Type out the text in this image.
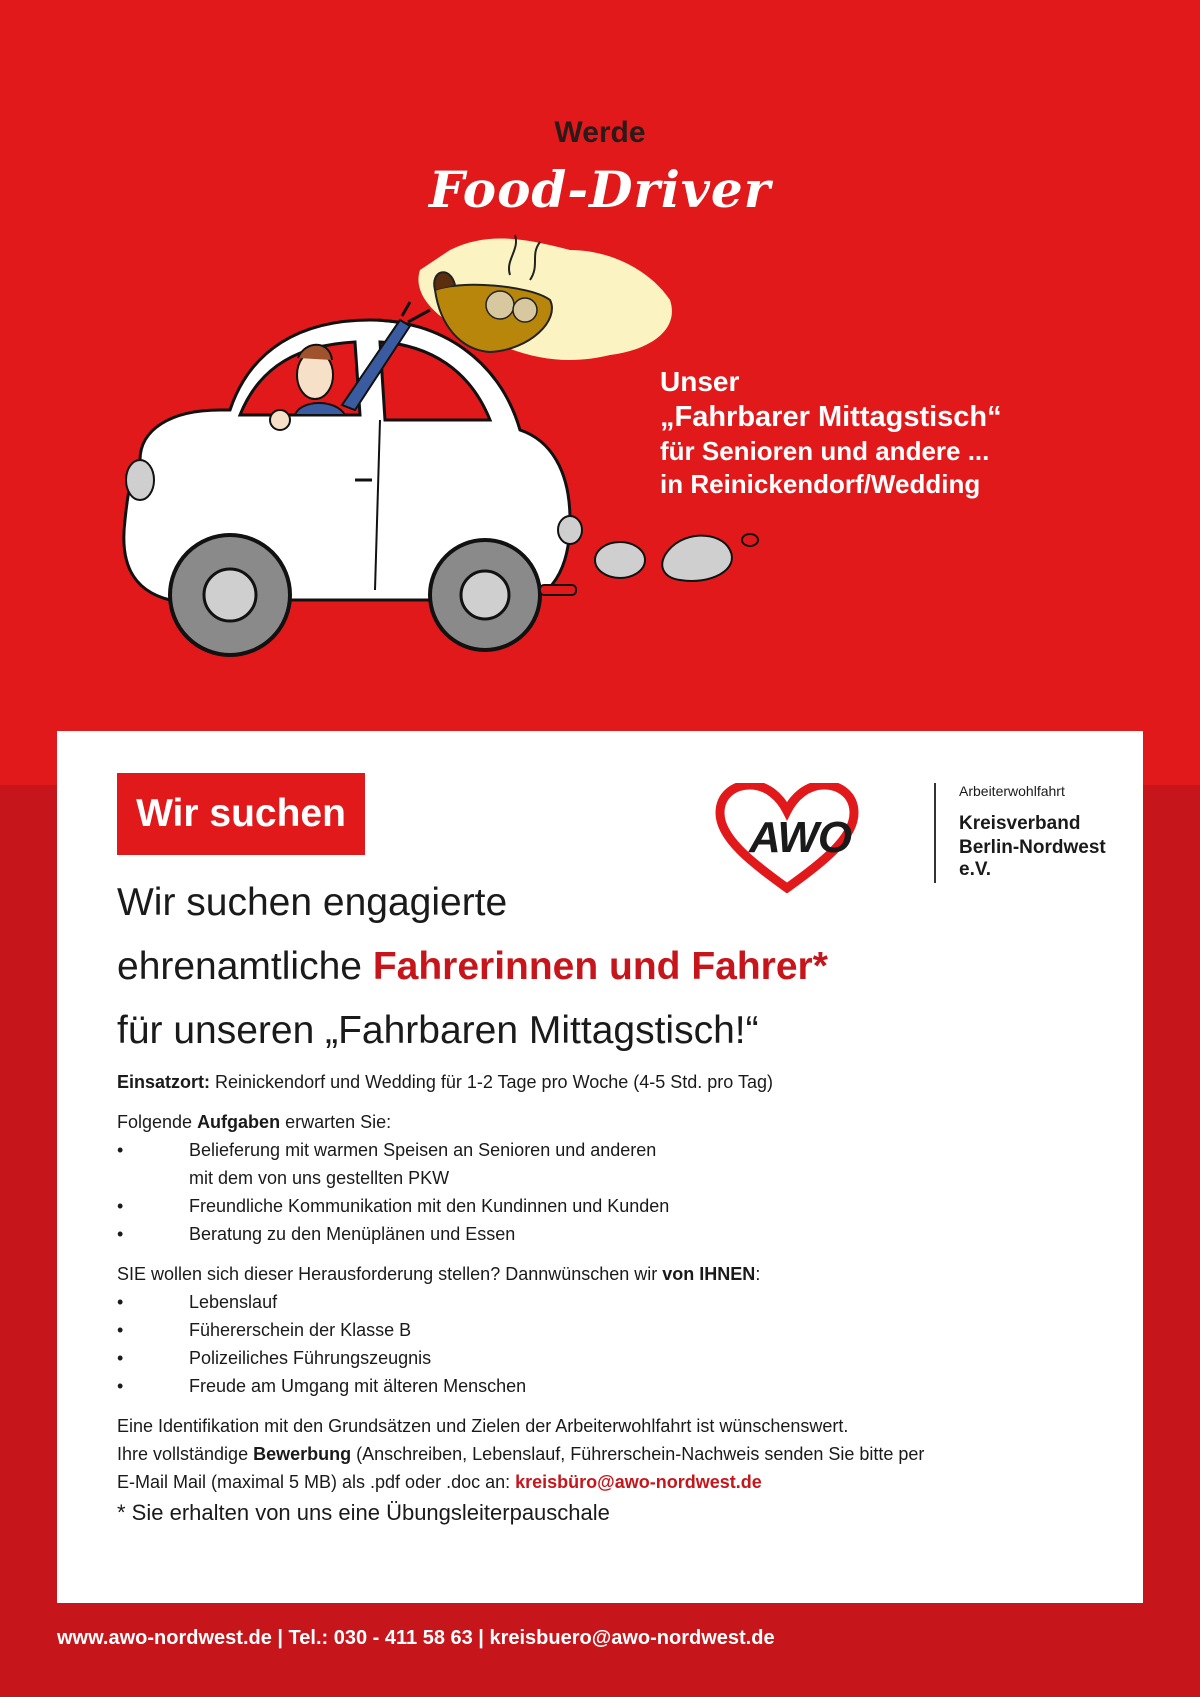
Werde
Food-Driver
Unser
„Fahrbarer Mittagstisch“
für Senioren und andere ...
in Reinickendorf/Wedding
Wir suchen	AWO
Arbeiterwohlfahrt
Kreisverband
Berlin-Nordwest e.V.
Wir suchen engagierte
ehrenamtliche Fahrerinnen und Fahrer*
für unseren „Fahrbaren Mittagstisch!“

Einsatzort: Reinickendorf und Wedding für 1-2 Tage pro Woche (4-5 Std. pro Tag)

Folgende Aufgaben erwarten Sie:

•	Belieferung mit warmen Speisen an Senioren und anderen
mit dem von uns gestellten PKW
•	Freundliche Kommunikation mit den Kundinnen und Kunden
•	Beratung zu den Menüplänen und Essen

SIE wollen sich dieser Herausforderung stellen? Dannwünschen wir von IHNEN:

•	Lebenslauf
•	Fühererschein der Klasse B
•	Polizeiliches Führungszeugnis
•	Freude am Umgang mit älteren Menschen

Eine Identifikation mit den Grundsätzen und Zielen der Arbeiterwohlfahrt ist wünschenswert.

Ihre vollständige Bewerbung (Anschreiben, Lebenslauf, Führerschein-Nachweis senden Sie bitte per

E-Mail Mail (maximal 5 MB) als .pdf oder .doc an: kreisbüro@awo-nordwest.de

* Sie erhalten von uns eine Übungsleiterpauschale

www.awo-nordwest.de | Tel.: 030 - 411 58 63 | kreisbuero@awo-nordwest.de
